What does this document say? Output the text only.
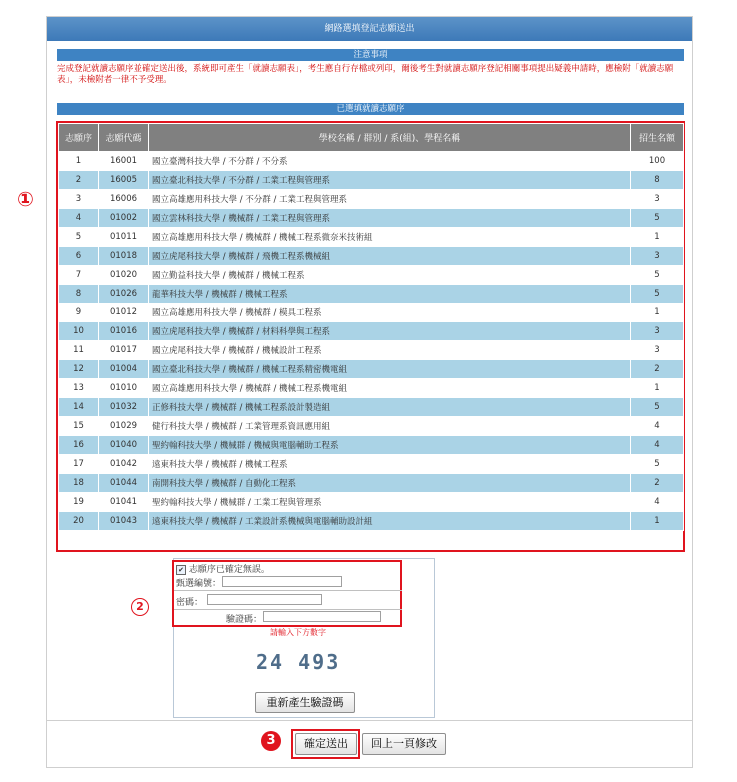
網路選填登記志願送出
注意事項
完成登記就讀志願序並確定送出後，系統即可產生「就讀志願表」，考生應自行存檔或列印，爾後考生對就讀志願序登記相關事項提出疑義申請時，應檢附「就讀志願表」，未檢附者一律不予受理。
已選填就讀志願序
志願序	志願代碼	學校名稱 / 群別 / 系(組)、學程名稱	招生名額
1	16001	國立臺灣科技大學 / 不分群 / 不分系	100
2	16005	國立臺北科技大學 / 不分群 / 工業工程與管理系	8
3	16006	國立高雄應用科技大學 / 不分群 / 工業工程與管理系	3
4	01002	國立雲林科技大學 / 機械群 / 工業工程與管理系	5
5	01011	國立高雄應用科技大學 / 機械群 / 機械工程系微奈米技術組	1
6	01018	國立虎尾科技大學 / 機械群 / 飛機工程系機械組	3
7	01020	國立勤益科技大學 / 機械群 / 機械工程系	5
8	01026	龍華科技大學 / 機械群 / 機械工程系	5
9	01012	國立高雄應用科技大學 / 機械群 / 模具工程系	1
10	01016	國立虎尾科技大學 / 機械群 / 材料科學與工程系	3
11	01017	國立虎尾科技大學 / 機械群 / 機械設計工程系	3
12	01004	國立臺北科技大學 / 機械群 / 機械工程系精密機電組	2
13	01010	國立高雄應用科技大學 / 機械群 / 機械工程系機電組	1
14	01032	正修科技大學 / 機械群 / 機械工程系設計製造組	5
15	01029	健行科技大學 / 機械群 / 工業管理系資訊應用組	4
16	01040	聖約翰科技大學 / 機械群 / 機械與電腦輔助工程系	4
17	01042	遠東科技大學 / 機械群 / 機械工程系	5
18	01044	南開科技大學 / 機械群 / 自動化工程系	2
19	01041	聖約翰科技大學 / 機械群 / 工業工程與管理系	4
20	01043	遠東科技大學 / 機械群 / 工業設計系機械與電腦輔助設計組	1
①
✔ 志願序已確定無誤。
甄選編號：
密碼：
驗證碼：
2
請輸入下方數字
24 493
重新產生驗證碼
3	確定送出	回上一頁修改
